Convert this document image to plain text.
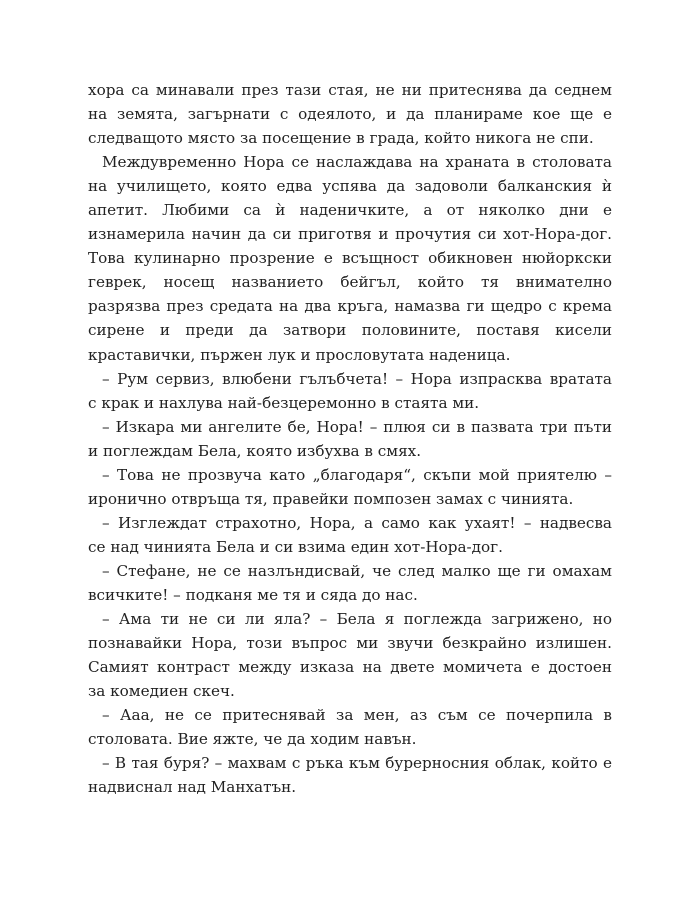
хора са минавали през тази стая, не ни притеснява да седнем
на земята, загърнати с одеялото, и да планираме кое ще е
следващото място за посещение в града, който никога не спи.

Междувременно Нора се наслаждава на храната в столовата
на училището, която едва успява да задоволи балканския ѝ
апетит. Любими са ѝ наденичките, а от няколко дни е
изнамерила начин да си приготвя и прочутия си хот-Нора-дог.
Това кулинарно прозрение е всъщност обикновен нюйоркски
геврек, носещ названието бейгъл, който тя внимателно
разрязва през средата на два кръга, намазва ги щедро с крема
сирене и преди да затвори половините, поставя кисели
краставички, пържен лук и прословутата наденица.

– Рум сервиз, влюбени гълъбчета! – Нора изпрасква вратата
с крак и нахлува най-безцеремонно в стаята ми.

– Изкара ми ангелите бе, Нора! – плюя си в пазвата три пъти
и поглеждам Бела, която избухва в смях.

– Това не прозвуча като „благодаря“, скъпи мой приятелю –
иронично отвръща тя, правейки помпозен замах с чинията.

– Изглеждат страхотно, Нора, а само как ухаят! – надвесва
се над чинията Бела и си взима един хот-Нора-дог.

– Стефане, не се назлъндисвай, че след малко ще ги омахам
всичките! – подканя ме тя и сяда до нас.

– Ама ти не си ли яла? – Бела я поглежда загрижено, но
познавайки Нора, този въпрос ми звучи безкрайно излишен.
Самият контраст между изказа на двете момичета е достоен
за комедиен скеч.

– Ааа, не се притеснявай за мен, аз съм се почерпила в
столовата. Вие яжте, че да ходим навън.

– В тая буря? – махвам с ръка към бурерносния облак, който е
надвиснал над Манхатън.
